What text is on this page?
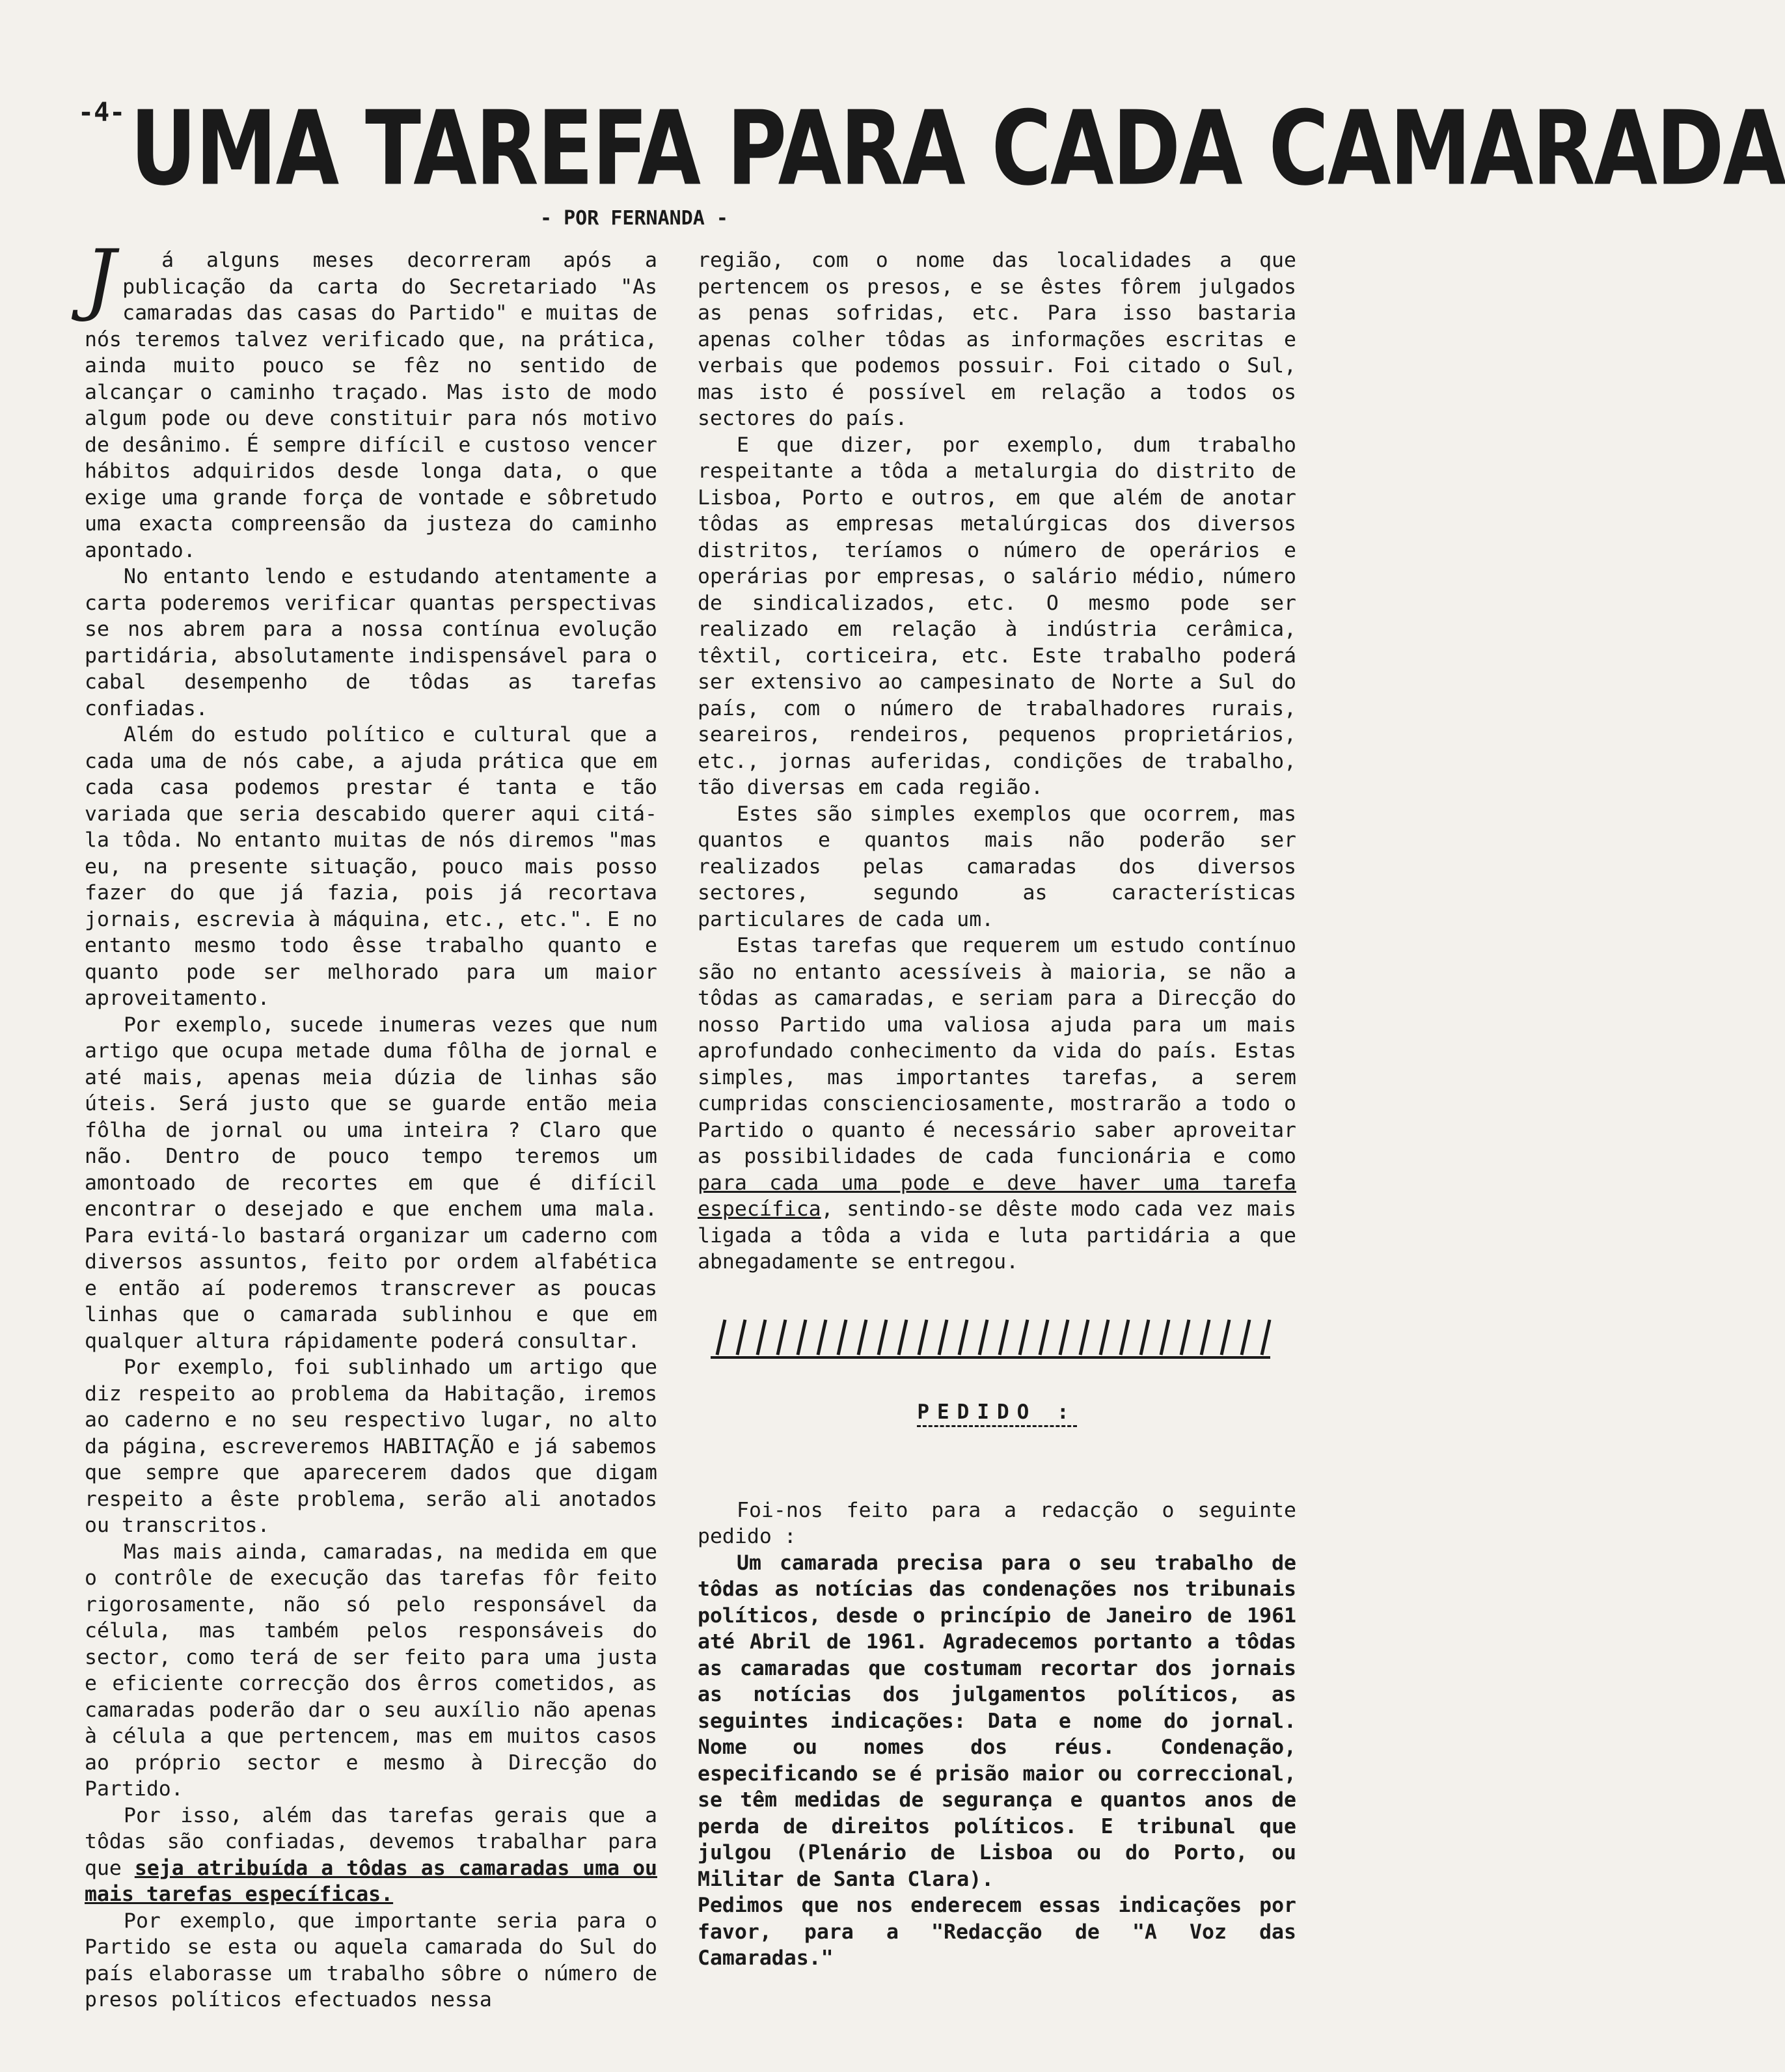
-4- UMA TAREFA PARA CADA CAMARADA
- POR FERNANDA -

J á alguns meses decorreram após a publicação da carta do Secretariado "As camaradas das casas do Partido" e muitas de nós teremos talvez verificado que, na prática, ainda muito pouco se fêz no sentido de alcançar o caminho traçado. Mas isto de modo algum pode ou deve constituir para nós motivo de desânimo. É sempre difícil e custoso vencer hábitos adquiridos desde longa data, o que exige uma grande força de vontade e sôbretudo uma exacta compreensão da justeza do caminho apontado.

No entanto lendo e estudando atentamente a carta poderemos verificar quantas perspectivas se nos abrem para a nossa contínua evolução partidária, absolutamente indispensável para o cabal desempenho de tôdas as tarefas confiadas.

Além do estudo político e cultural que a cada uma de nós cabe, a ajuda prática que em cada casa podemos prestar é tanta e tão variada que seria descabido querer aqui citá-la tôda. No entanto muitas de nós diremos "mas eu, na presente situação, pouco mais posso fazer do que já fazia, pois já recortava jornais, escrevia à máquina, etc., etc.". E no entanto mesmo todo êsse trabalho quanto e quanto pode ser melhorado para um maior aproveitamento.

Por exemplo, sucede inumeras vezes que num artigo que ocupa metade duma fôlha de jornal e até mais, apenas meia dúzia de linhas são úteis. Será justo que se guarde então meia fôlha de jornal ou uma inteira ? Claro que não. Dentro de pouco tempo teremos um amontoado de recortes em que é difícil encontrar o desejado e que enchem uma mala. Para evitá-lo bastará organizar um caderno com diversos assuntos, feito por ordem alfabética e então aí poderemos transcrever as poucas linhas que o camarada sublinhou e que em qualquer altura rápidamente poderá consultar.

Por exemplo, foi sublinhado um artigo que diz respeito ao problema da Habitação, iremos ao caderno e no seu respectivo lugar, no alto da página, escreveremos HABITAÇÃO e já sabemos que sempre que aparecerem dados que digam respeito a êste problema, serão ali anotados ou transcritos.

Mas mais ainda, camaradas, na medida em que o contrôle de execução das tarefas fôr feito rigorosamente, não só pelo responsável da célula, mas também pelos responsáveis do sector, como terá de ser feito para uma justa e eficiente correcção dos êrros cometidos, as camaradas poderão dar o seu auxílio não apenas à célula a que pertencem, mas em muitos casos ao próprio sector e mesmo à Direcção do Partido.

Por isso, além das tarefas gerais que a tôdas são confiadas, devemos trabalhar para que seja atribuída a tôdas as camaradas uma ou mais tarefas específicas.

Por exemplo, que importante seria para o Partido se esta ou aquela camarada do Sul do país elaborasse um trabalho sôbre o número de presos políticos efectuados nessa

região, com o nome das localidades a que pertencem os presos, e se êstes fôrem julgados as penas sofridas, etc. Para isso bastaria apenas colher tôdas as informações escritas e verbais que podemos possuir. Foi citado o Sul, mas isto é possível em relação a todos os sectores do país.

E que dizer, por exemplo, dum trabalho respeitante a tôda a metalurgia do distrito de Lisboa, Porto e outros, em que além de anotar tôdas as empresas metalúrgicas dos diversos distritos, teríamos o número de operários e operárias por empresas, o salário médio, número de sindicalizados, etc. O mesmo pode ser realizado em relação à indústria cerâmica, têxtil, corticeira, etc. Este trabalho poderá ser extensivo ao campesinato de Norte a Sul do país, com o número de trabalhadores rurais, seareiros, rendeiros, pequenos proprietários, etc., jornas auferidas, condições de trabalho, tão diversas em cada região.

Estes são simples exemplos que ocorrem, mas quantos e quantos mais não poderão ser realizados pelas camaradas dos diversos sectores, segundo as características particulares de cada um.

Estas tarefas que requerem um estudo contínuo são no entanto acessíveis à maioria, se não a tôdas as camaradas, e seriam para a Direcção do nosso Partido uma valiosa ajuda para um mais aprofundado conhecimento da vida do país. Estas simples, mas importantes tarefas, a serem cumpridas conscienciosamente, mostrarão a todo o Partido o quanto é necessário saber aproveitar as possibilidades de cada funcionária e como para cada uma pode e deve haver uma tarefa específica, sentindo-se dêste modo cada vez mais ligada a tôda a vida e luta partidária a que abnegadamente se entregou.

PEDIDO :

Foi-nos feito para a redacção o seguinte pedido :

Um camarada precisa para o seu trabalho de tôdas as notícias das condenações nos tribunais políticos, desde o princípio de Janeiro de 1961 até Abril de 1961. Agradecemos portanto a tôdas as camaradas que costumam recortar dos jornais as notícias dos julgamentos políticos, as seguintes indicações: Data e nome do jornal. Nome ou nomes dos réus. Condenação, especificando se é prisão maior ou correccional, se têm medidas de segurança e quantos anos de perda de direitos políticos. E tribunal que julgou (Plenário de Lisboa ou do Porto, ou Militar de Santa Clara).

Pedimos que nos enderecem essas indicações por favor, para a "Redacção de "A Voz das Camaradas."
